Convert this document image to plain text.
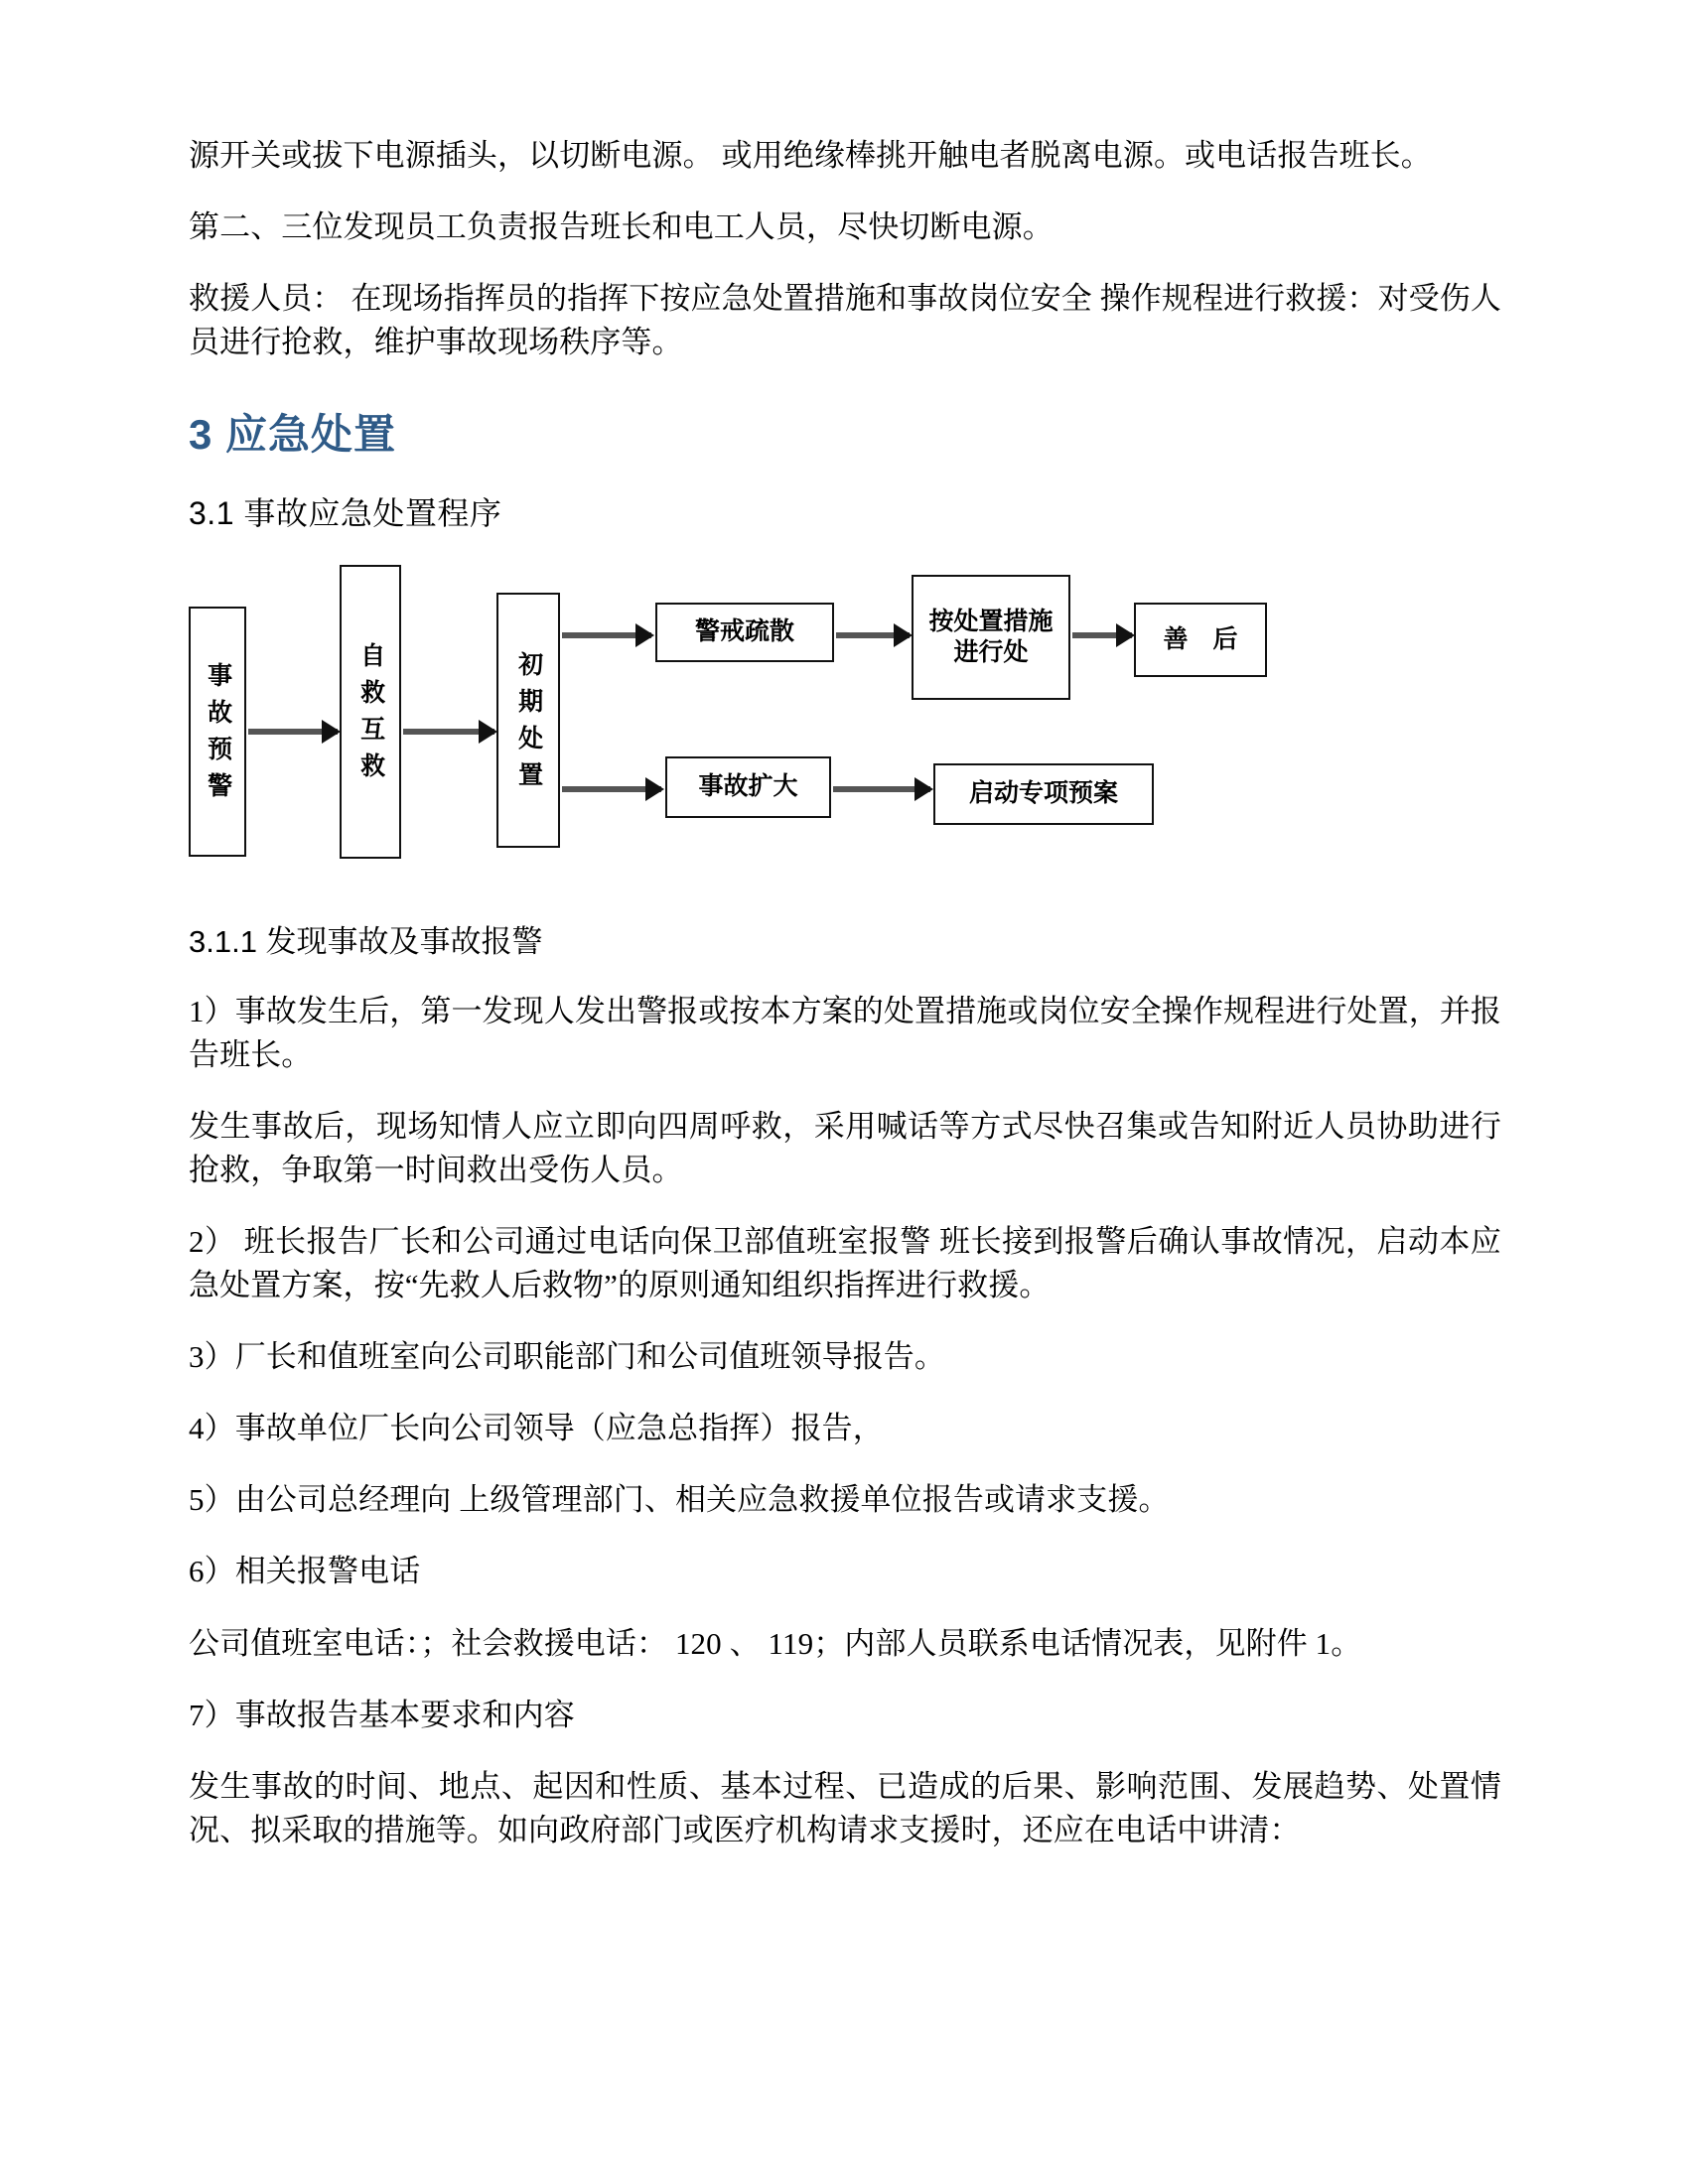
源开关或拔下电源插头，以切断电源。 或用绝缘棒挑开触电者脱离电源。或电话报告班长。

第二、三位发现员工负责报告班长和电工人员，尽快切断电源。

救援人员： 在现场指挥员的指挥下按应急处置措施和事故岗位安全 操作规程进行救援：对受伤人员进行抢救，维护事故现场秩序等。

3 应急处置
3.1 事故应急处置程序
事故预警	自救互救	初期处置
警戒疏散	按处置措施进行处	善　后
事故扩大	启动专项预案
3.1.1 发现事故及事故报警

1）事故发生后，第一发现人发出警报或按本方案的处置措施或岗位安全操作规程进行处置，并报告班长。

发生事故后，现场知情人应立即向四周呼救，采用喊话等方式尽快召集或告知附近人员协助进行抢救，争取第一时间救出受伤人员。

2） 班长报告厂长和公司通过电话向保卫部值班室报警 班长接到报警后确认事故情况，启动本应急处置方案，按“先救人后救物”的原则通知组织指挥进行救援。

3）厂长和值班室向公司职能部门和公司值班领导报告。

4）事故单位厂长向公司领导（应急总指挥）报告，

5）由公司总经理向 上级管理部门、相关应急救援单位报告或请求支援。

6）相关报警电话

公司值班室电话：；社会救援电话： 120 、 119；内部人员联系电话情况表，见附件 1。

7）事故报告基本要求和内容

发生事故的时间、地点、起因和性质、基本过程、已造成的后果、影响范围、发展趋势、处置情况、拟采取的措施等。如向政府部门或医疗机构请求支援时，还应在电话中讲清：
